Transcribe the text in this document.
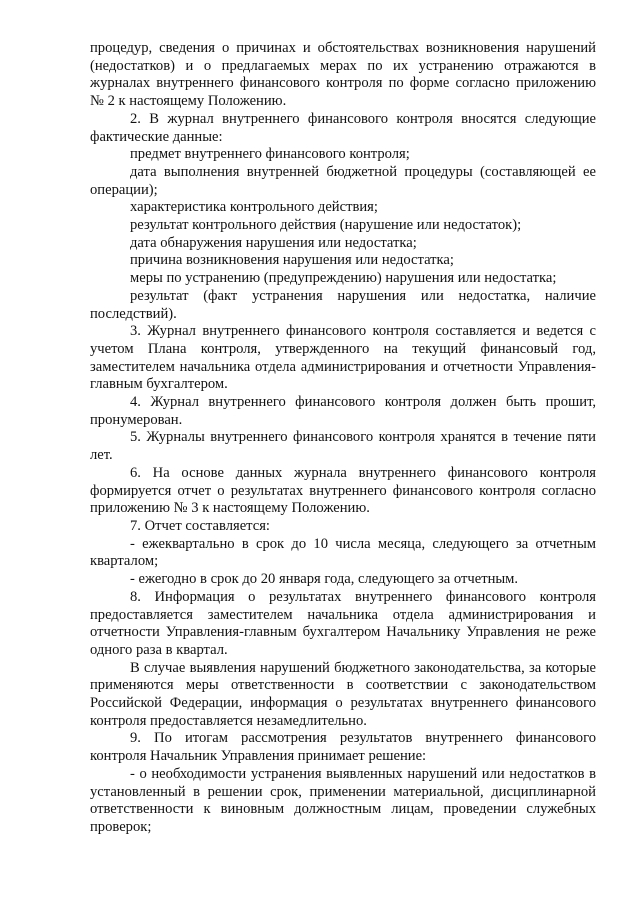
процедур, сведения о причинах и обстоятельствах возникновения нарушений (недостатков) и о предлагаемых мерах по их устранению отражаются в журналах внутреннего финансового контроля по форме согласно приложению № 2 к настоящему Положению.

2. В журнал внутреннего финансового контроля вносятся следующие фактические данные:

предмет внутреннего финансового контроля;

дата выполнения внутренней бюджетной процедуры (составляющей ее операции);

характеристика контрольного действия;

результат контрольного действия (нарушение или недостаток);

дата обнаружения нарушения или недостатка;

причина возникновения нарушения или недостатка;

меры по устранению (предупреждению) нарушения или недостатка;

результат (факт устранения нарушения или недостатка, наличие последствий).

3. Журнал внутреннего финансового контроля составляется и ведется с учетом Плана контроля, утвержденного на текущий финансовый год, заместителем начальника отдела администрирования и отчетности Управления-главным бухгалтером.

4. Журнал внутреннего финансового контроля должен быть прошит, пронумерован.

5. Журналы внутреннего финансового контроля хранятся в течение пяти лет.

6. На основе данных журнала внутреннего финансового контроля формируется отчет о результатах внутреннего финансового контроля согласно приложению № 3 к настоящему Положению.

7. Отчет составляется:

- ежеквартально в срок до 10 числа месяца, следующего за отчетным кварталом;

- ежегодно в срок до 20 января года, следующего за отчетным.

8. Информация о результатах внутреннего финансового контроля предоставляется заместителем начальника отдела администрирования и отчетности Управления-главным бухгалтером Начальнику Управления не реже одного раза в квартал.

В случае выявления нарушений бюджетного законодательства, за которые применяются меры ответственности в соответствии с законодательством Российской Федерации, информация о результатах внутреннего финансового контроля предоставляется незамедлительно.

9. По итогам рассмотрения результатов внутреннего финансового контроля Начальник Управления принимает решение:

- о необходимости устранения выявленных нарушений или недостатков в установленный в решении срок, применении материальной, дисциплинарной ответственности к виновным должностным лицам, проведении служебных проверок;
